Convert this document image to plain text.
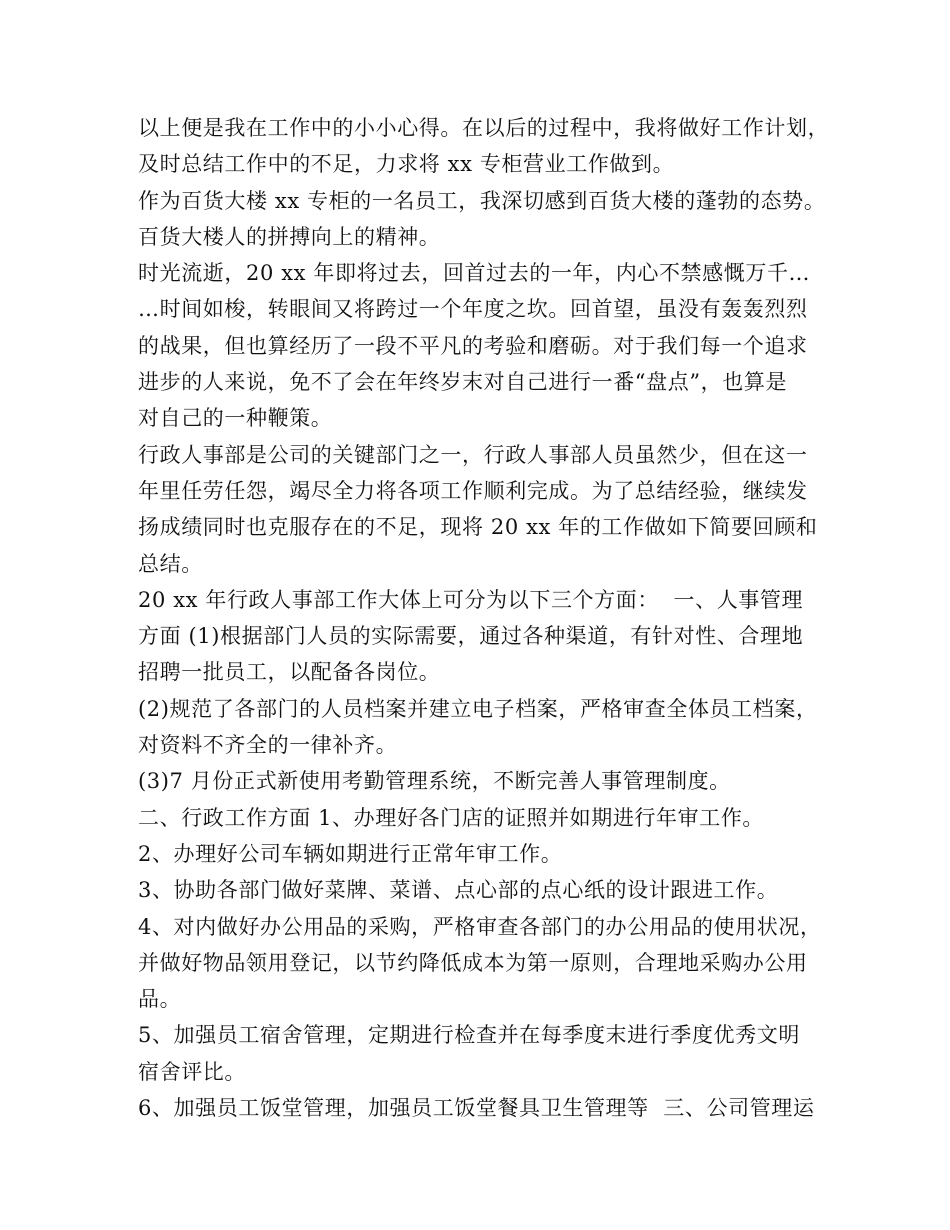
以上便是我在工作中的小小心得。在以后的过程中，我将做好工作计划，
及时总结工作中的不足，力求将 xx 专柜营业工作做到。
作为百货大楼 xx 专柜的一名员工，我深切感到百货大楼的蓬勃的态势。
百货大楼人的拼搏向上的精神。
时光流逝，20 xx 年即将过去，回首过去的一年，内心不禁感慨万千…
…时间如梭，转眼间又将跨过一个年度之坎。回首望，虽没有轰轰烈烈
的战果，但也算经历了一段不平凡的考验和磨砺。对于我们每一个追求
进步的人来说，免不了会在年终岁末对自己进行一番“盘点”，也算是
对自己的一种鞭策。
行政人事部是公司的关键部门之一，行政人事部人员虽然少，但在这一
年里任劳任怨，竭尽全力将各项工作顺利完成。为了总结经验，继续发
扬成绩同时也克服存在的不足，现将 20 xx 年的工作做如下简要回顾和
总结。
20 xx 年行政人事部工作大体上可分为以下三个方面：  一、人事管理
方面 (1)根据部门人员的实际需要，通过各种渠道，有针对性、合理地
招聘一批员工，以配备各岗位。
(2)规范了各部门的人员档案并建立电子档案，严格审查全体员工档案，
对资料不齐全的一律补齐。
(3)7 月份正式新使用考勤管理系统，不断完善人事管理制度。
二、行政工作方面 1、办理好各门店的证照并如期进行年审工作。
2、办理好公司车辆如期进行正常年审工作。
3、协助各部门做好菜牌、菜谱、点心部的点心纸的设计跟进工作。
4、对内做好办公用品的采购，严格审查各部门的办公用品的使用状况，
并做好物品领用登记，以节约降低成本为第一原则，合理地采购办公用
品。
5、加强员工宿舍管理，定期进行检查并在每季度末进行季度优秀文明
宿舍评比。
6、加强员工饭堂管理，加强员工饭堂餐具卫生管理等  三、公司管理运
